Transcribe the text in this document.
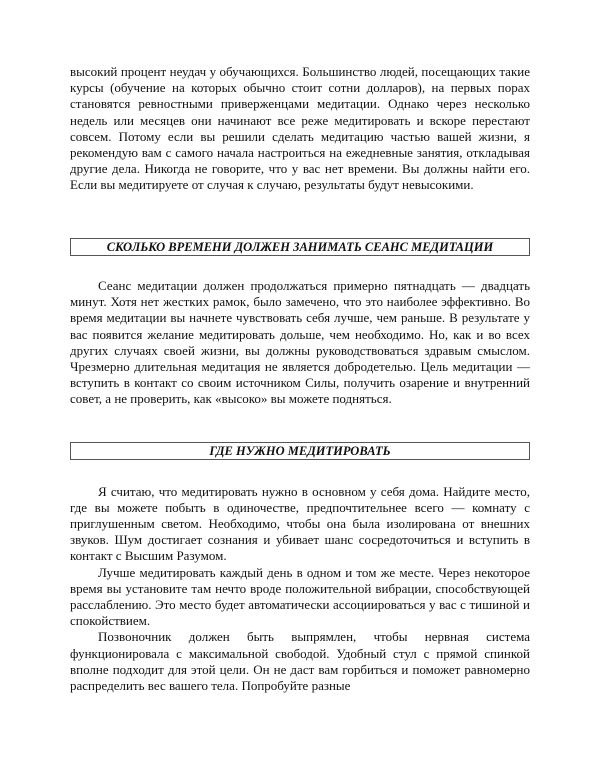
высокий процент неудач у обучающихся. Большинство людей, посещающих такие курсы (обучение на которых обычно стоит сотни долларов), на первых порах становятся ревностными приверженцами медитации. Однако через несколько недель или месяцев они начинают все реже медитировать и вскоре перестают совсем. Потому если вы решили сделать медитацию частью вашей жизни, я рекомендую вам с самого начала настроиться на ежедневные занятия, откладывая другие дела. Никогда не говорите, что у вас нет времени. Вы должны найти его. Если вы медитируете от случая к случаю, результаты будут невысокими.

СКОЛЬКО ВРЕМЕНИ ДОЛЖЕН ЗАНИМАТЬ СЕАНС МЕДИТАЦИИ

Сеанс медитации должен продолжаться примерно пятнадцать — двадцать минут. Хотя нет жестких рамок, было замечено, что это наиболее эффективно. Во время медитации вы начнете чувствовать себя лучше, чем раньше. В результате у вас появится желание медитировать дольше, чем необходимо. Но, как и во всех других случаях своей жизни, вы должны руководствоваться здравым смыслом. Чрезмерно длительная медитация не является добродетелью. Цель медитации — вступить в контакт со своим источником Силы, получить озарение и внутренний совет, а не проверить, как «высоко» вы можете подняться.

ГДЕ НУЖНО МЕДИТИРОВАТЬ

Я считаю, что медитировать нужно в основном у себя дома. Найдите место, где вы можете побыть в одиночестве, предпочтительнее всего — комнату с приглушенным светом. Необходимо, чтобы она была изолирована от внешних звуков. Шум достигает сознания и убивает шанс сосредоточиться и вступить в контакт с Высшим Разумом.

Лучше медитировать каждый день в одном и том же месте. Через некоторое время вы установите там нечто вроде положительной вибрации, способствующей расслаблению. Это место будет автоматически ассоциироваться у вас с тишиной и спокойствием.

Позвоночник должен быть выпрямлен, чтобы нервная система функционировала с максимальной свободой. Удобный стул с прямой спинкой вполне подходит для этой цели. Он не даст вам горбиться и поможет равномерно распределить вес вашего тела. Попробуйте разные
